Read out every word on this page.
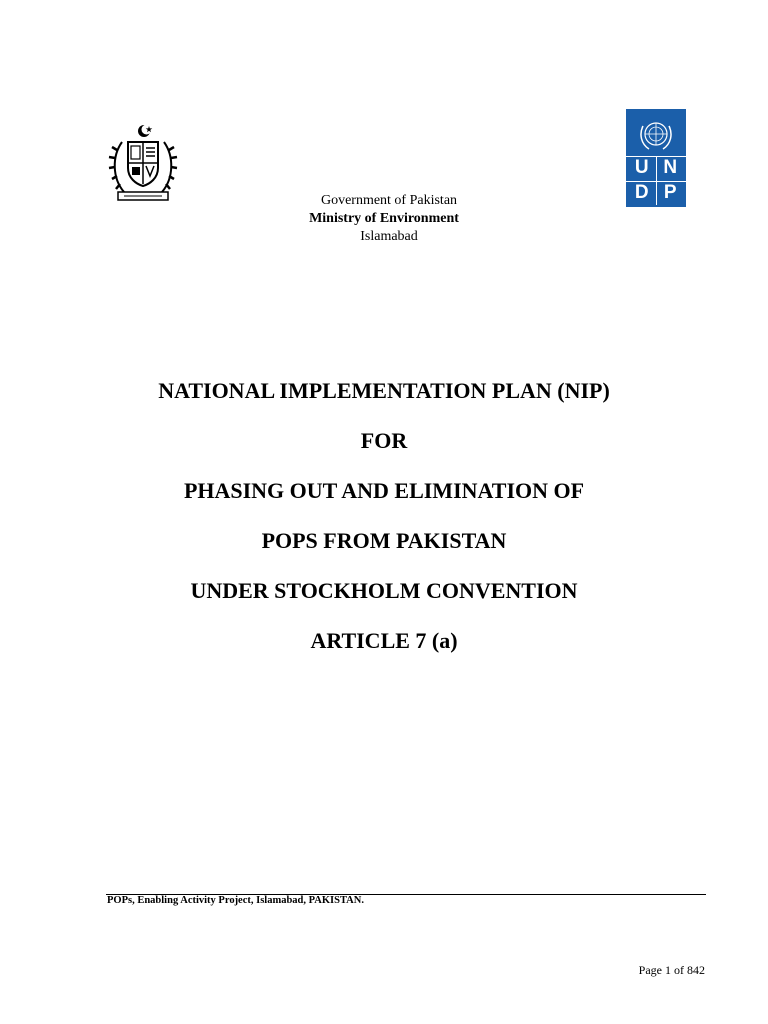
U N
D P
Government of Pakistan
Ministry of Environment
Islamabad
NATIONAL IMPLEMENTATION PLAN (NIP)
FOR
PHASING OUT AND ELIMINATION OF
POPS FROM PAKISTAN
UNDER STOCKHOLM CONVENTION
ARTICLE 7 (a)
POPs, Enabling Activity Project, Islamabad, PAKISTAN.
Page 1 of 842
